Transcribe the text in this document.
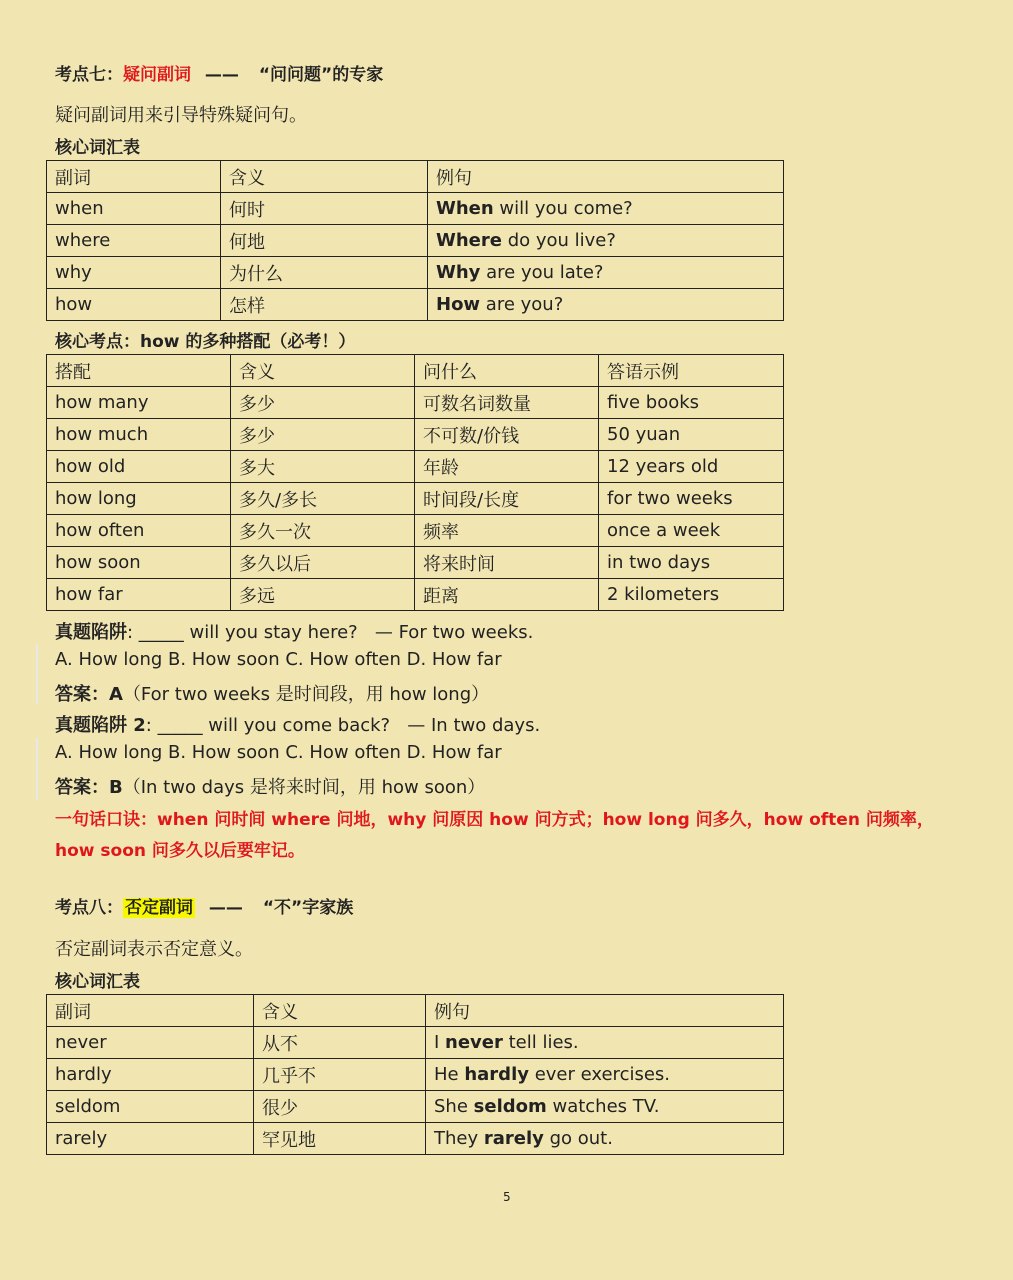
考点七：疑问副词 —— “问问题”的专家
疑问副词用来引导特殊疑问句。
核心词汇表
副词	含义	例句
when	何时	When will you come?
where	何地	Where do you live?
why	为什么	Why are you late?
how	怎样	How are you?
核心考点：how 的多种搭配（必考！）
搭配	含义	问什么	答语示例
how many	多少	可数名词数量	five books
how much	多少	不可数/价钱	50 yuan
how old	多大	年龄	12 years old
how long	多久/多长	时间段/长度	for two weeks
how often	多久一次	频率	once a week
how soon	多久以后	将来时间	in two days
how far	多远	距离	2 kilometers
真题陷阱: _____ will you stay here?   — For two weeks.
A. How long B. How soon C. How often D. How far
答案：A（For two weeks 是时间段，用 how long）
真题陷阱 2: _____ will you come back?   — In two days.
A. How long B. How soon C. How often D. How far
答案：B（In two days 是将来时间，用 how soon）
一句话口诀：when 问时间 where 问地，why 问原因 how 问方式；how long 问多久，how often 问频率，
how soon 问多久以后要牢记。
考点八： 否定副词 —— “不”字家族
否定副词表示否定意义。
核心词汇表
副词	含义	例句
never	从不	I never tell lies.
hardly	几乎不	He hardly ever exercises.
seldom	很少	She seldom watches TV.
rarely	罕见地	They rarely go out.
5
